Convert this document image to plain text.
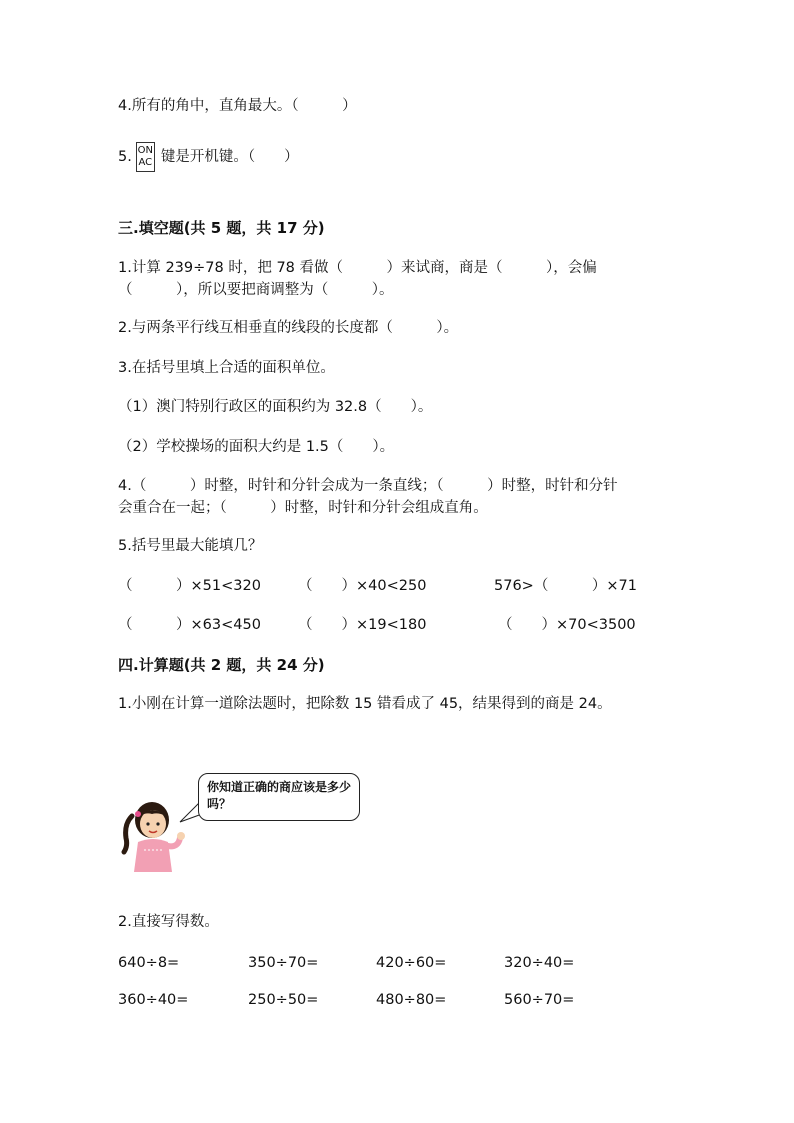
4.所有的角中，直角最大。（　　　）
5. ON
AC 键是开机键。（　　）
三.填空题(共 5 题，共 17 分)
1.计算 239÷78 时，把 78 看做（　　　）来试商，商是（　　　），会偏
（　　　），所以要把商调整为（　　　）。
2.与两条平行线互相垂直的线段的长度都（　　　）。
3.在括号里填上合适的面积单位。
（1）澳门特别行政区的面积约为 32.8（　　）。
（2）学校操场的面积大约是 1.5（　　）。
4.（　　　）时整，时针和分针会成为一条直线；（　　　）时整，时针和分针
会重合在一起；（　　　）时整，时针和分针会组成直角。
5.括号里最大能填几？
（　　　）×51<320	（　　）×40<250	576>（　　　）×71
（　　　）×63<450	（　　）×19<180	（　　）×70<3500
四.计算题(共 2 题，共 24 分)
1.小刚在计算一道除法题时，把除数 15 错看成了 45，结果得到的商是 24。
你知道正确的商应该是多少吗？
2.直接写得数。
640÷8=	350÷70=	420÷60=	320÷40=
360÷40=	250÷50=	480÷80=	560÷70=
